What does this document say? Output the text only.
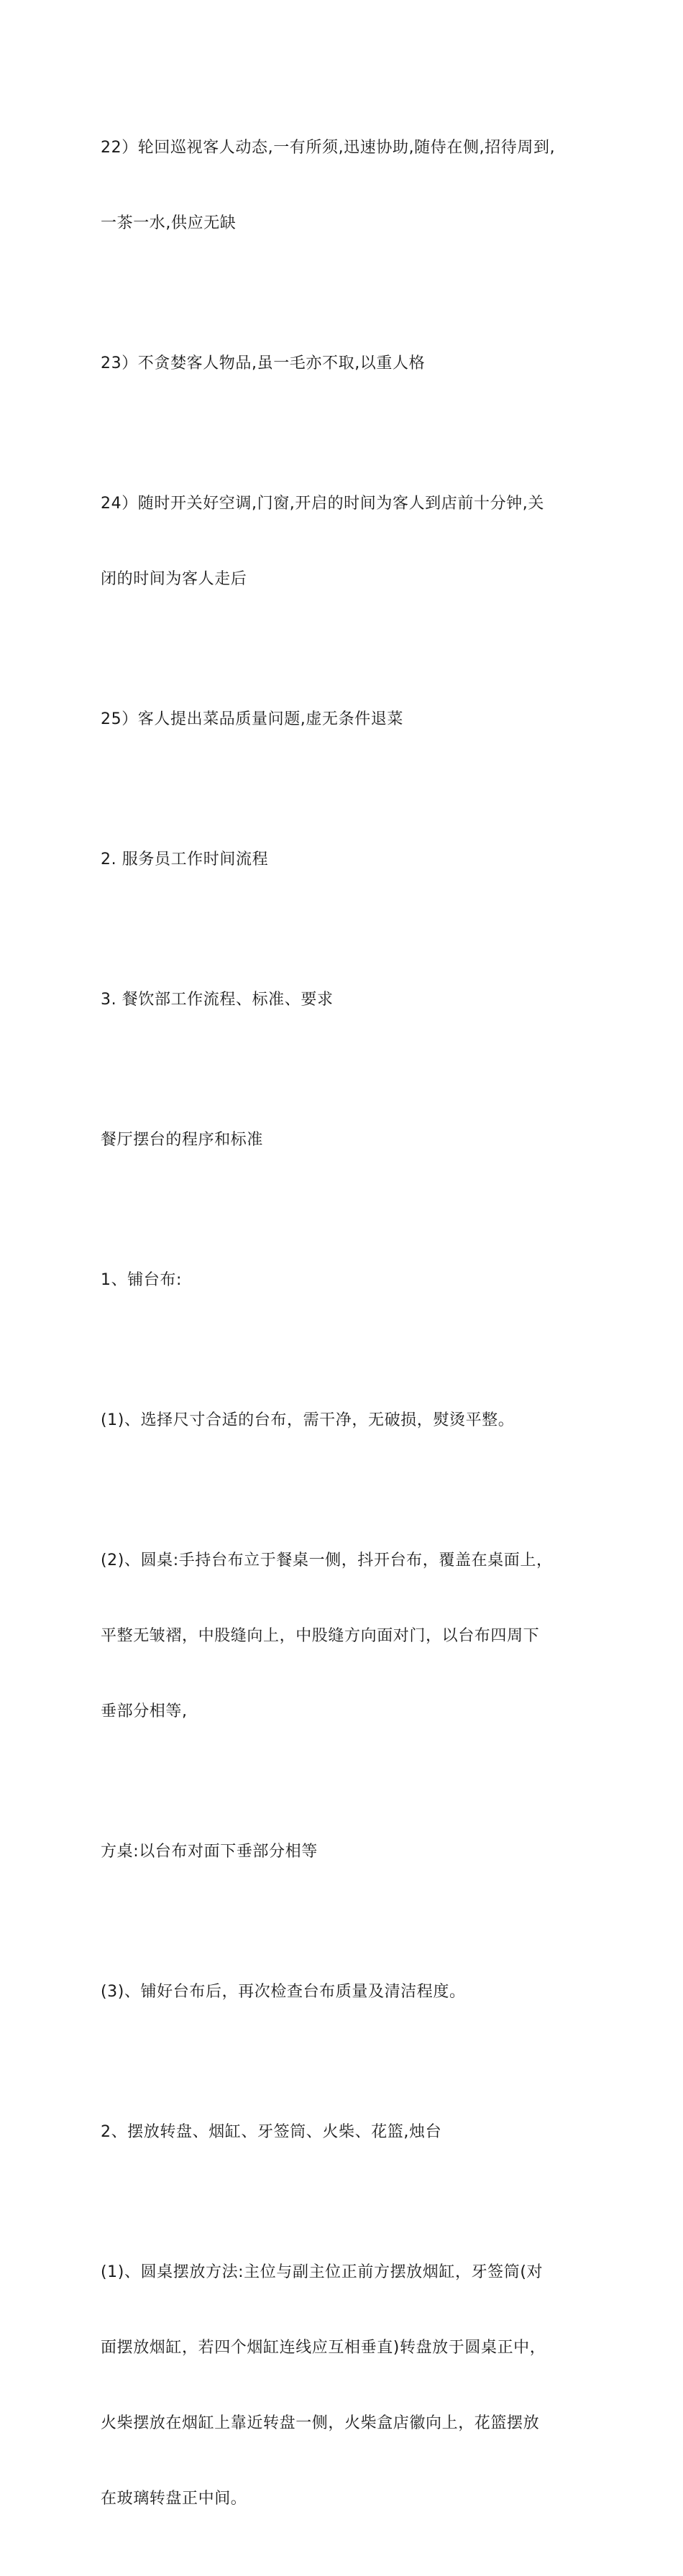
22）轮回巡视客人动态,一有所须,迅速协助,随侍在侧,招待周到,

一茶一水,供应无缺

23）不贪婪客人物品,虽一毛亦不取,以重人格

24）随时开关好空调,门窗,开启的时间为客人到店前十分钟,关

闭的时间为客人走后

25）客人提出菜品质量问题,虚无条件退菜

2. 服务员工作时间流程

3. 餐饮部工作流程、标准、要求

餐厅摆台的程序和标准

1、铺台布:

(1)、选择尺寸合适的台布，需干净，无破损，熨烫平整。

(2)、圆桌:手持台布立于餐桌一侧，抖开台布，覆盖在桌面上，

平整无皱褶，中股缝向上，中股缝方向面对门，以台布四周下

垂部分相等,

方桌:以台布对面下垂部分相等

(3)、铺好台布后，再次检查台布质量及清洁程度。

2、摆放转盘、烟缸、牙签筒、火柴、花篮,烛台

(1)、圆桌摆放方法:主位与副主位正前方摆放烟缸，牙签筒(对

面摆放烟缸，若四个烟缸连线应互相垂直)转盘放于圆桌正中，

火柴摆放在烟缸上靠近转盘一侧，火柴盒店徽向上，花篮摆放

在玻璃转盘正中间。
